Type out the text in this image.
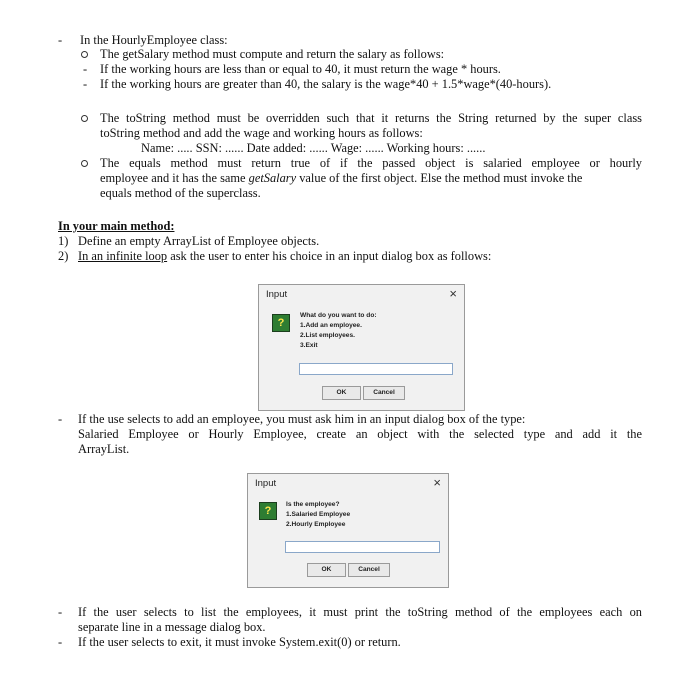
- In the HourlyEmployee class:
The getSalary method must compute and return the salary as follows:
- If the working hours are less than or equal to 40, it must return the wage * hours.
- If the working hours are greater than 40, the salary is the wage*40 + 1.5*wage*(40-hours).
The toString method must be overridden such that it returns the String returned by the super class
toString method and add the wage and working hours as follows:
Name: ..... SSN: ...... Date added: ...... Wage: ...... Working hours: ......
The equals method must return true of if the passed object is salaried employee or hourly
employee and it has the same getSalary value of the first object. Else the method must invoke the
equals method of the superclass.
In your main method:
1) Define an empty ArrayList of Employee objects.
2) In an infinite loop ask the user to enter his choice in an input dialog box as follows:
Input	×
?
What do you want to do:
1.Add an employee.
2.List employees.
3.Exit
OK	Cancel
- If the use selects to add an employee, you must ask him in an input dialog box of the type:
Salaried Employee or Hourly Employee, create an object with the selected type and add it the
ArrayList.
Input	×
?
Is the employee?
1.Salaried Employee
2.Hourly Employee
OK	Cancel
- If the user selects to list the employees, it must print the toString method of the employees each on
separate line in a message dialog box.
- If the user selects to exit, it must invoke System.exit(0) or return.
